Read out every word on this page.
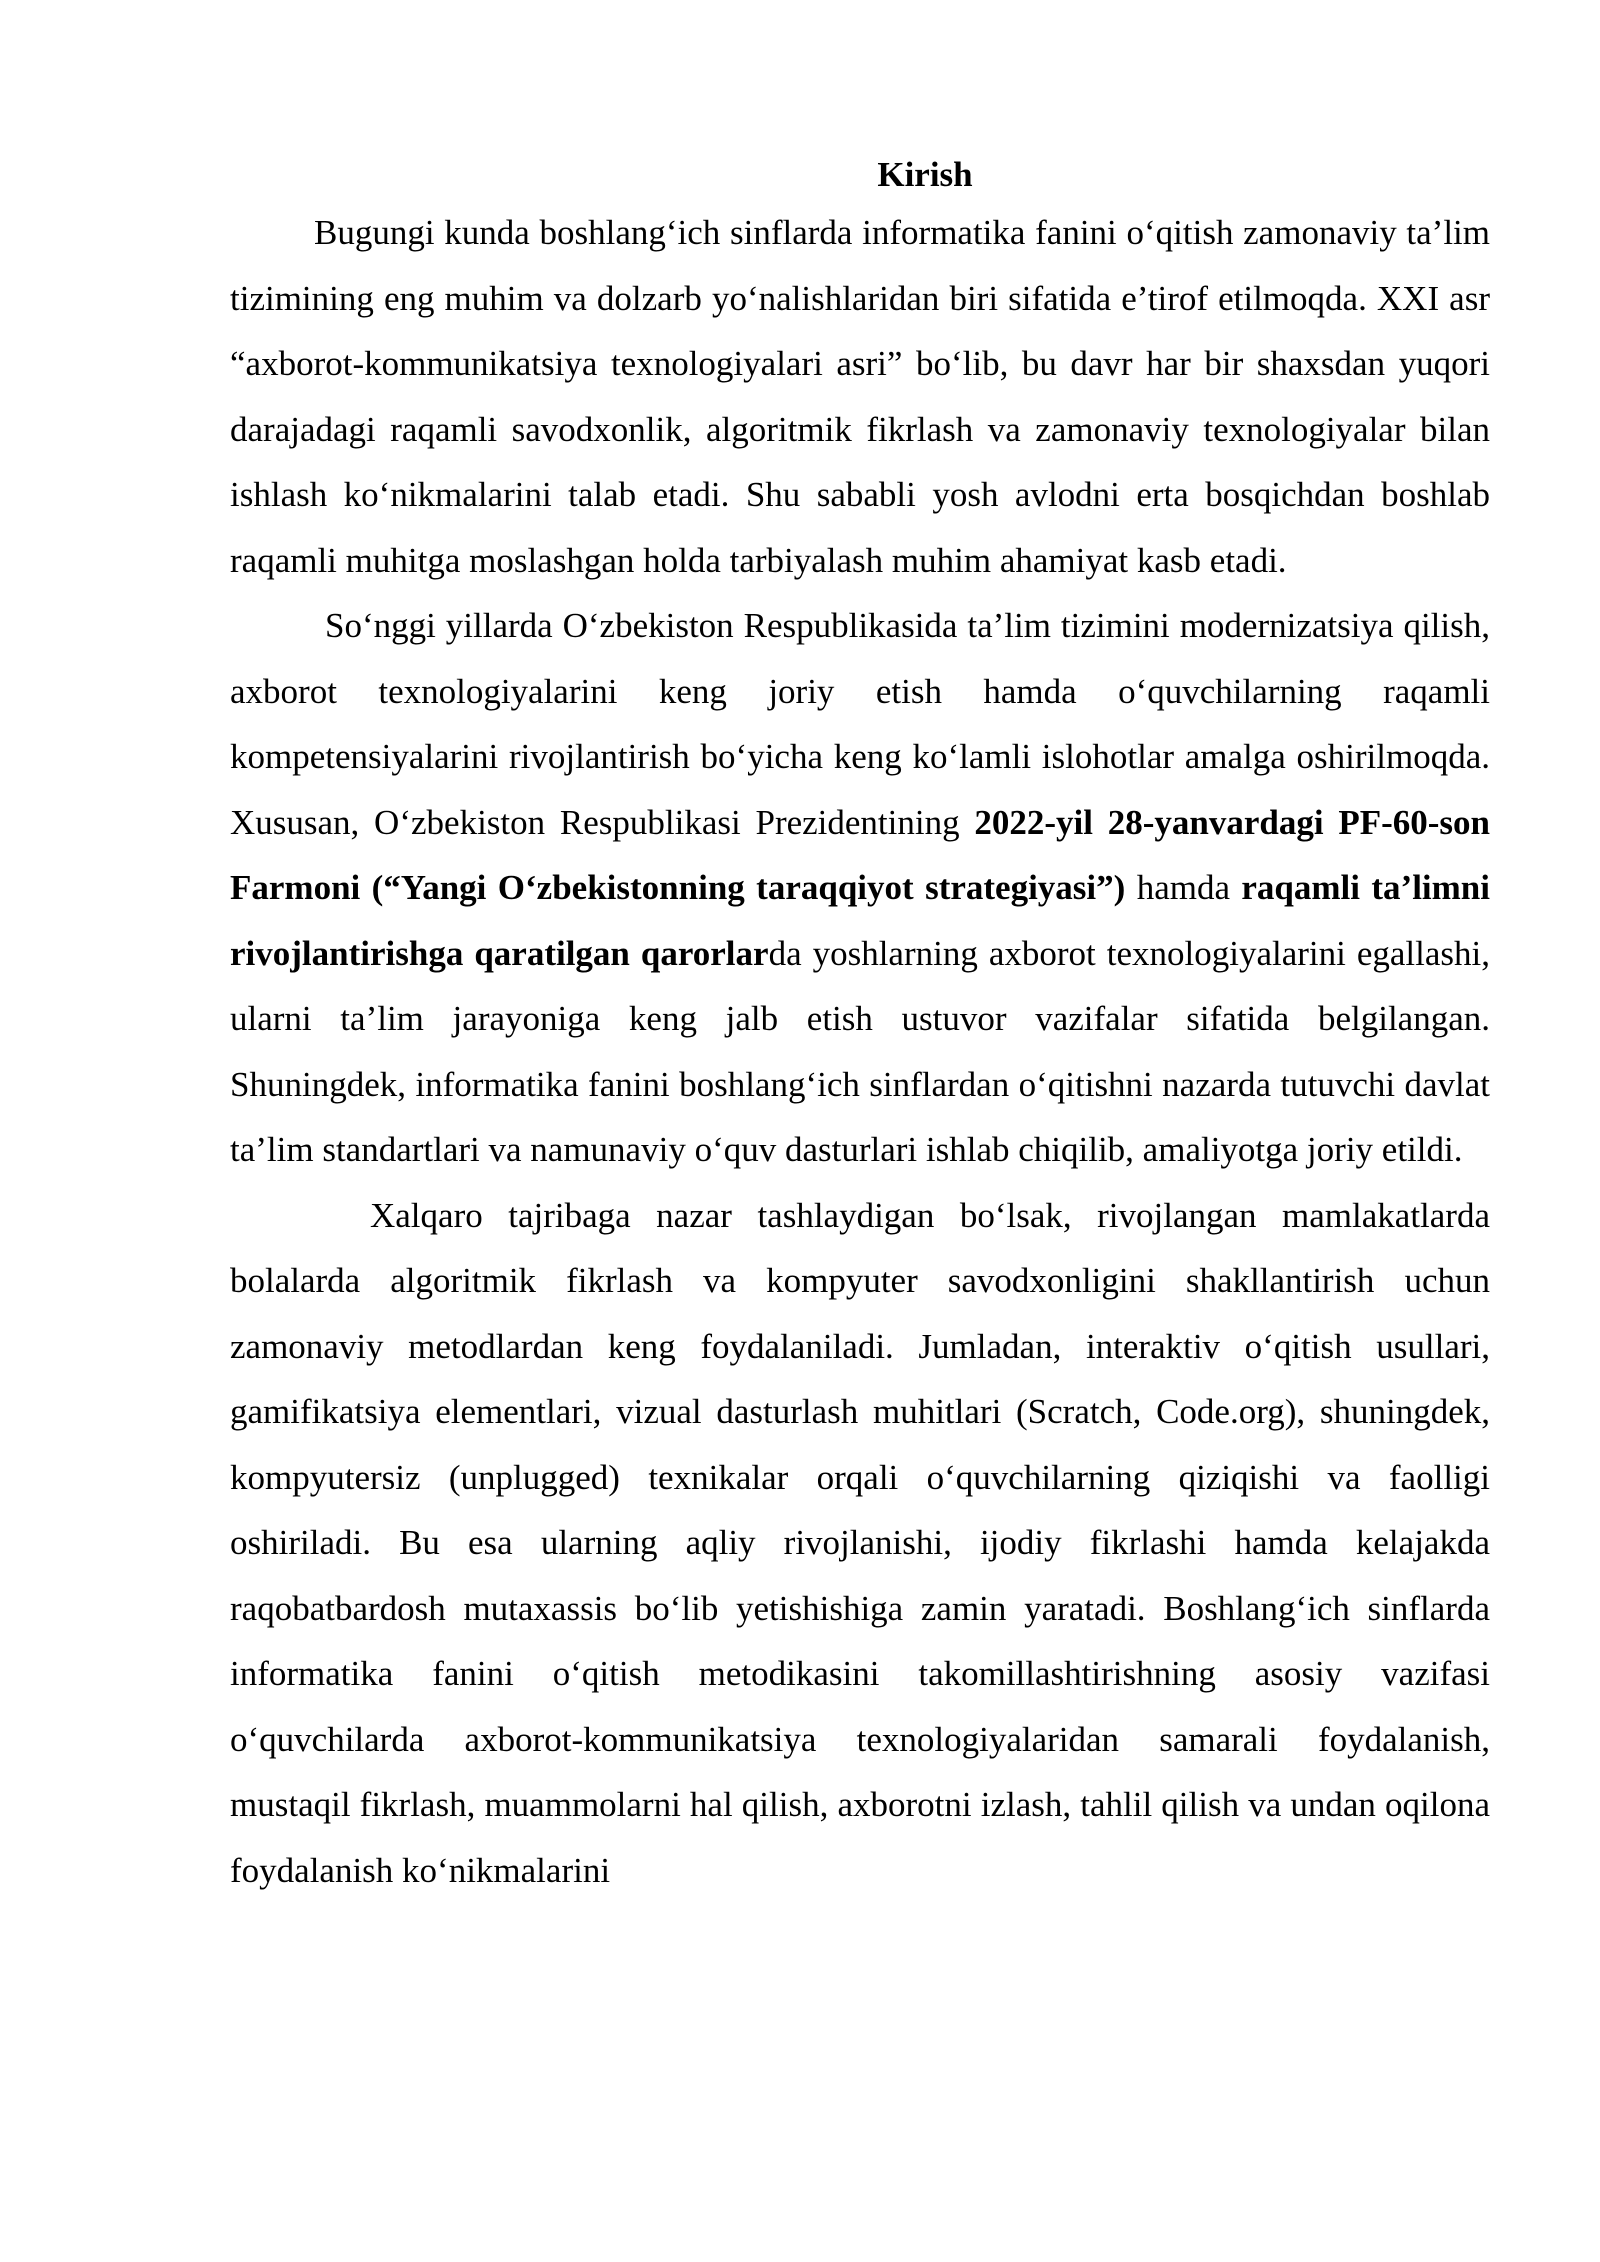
Kirish

Bugungi kunda boshlang‘ich sinflarda informatika fanini o‘qitish zamonaviy ta’lim tizimining eng muhim va dolzarb yo‘nalishlaridan biri sifatida e’tirof etilmoqda. XXI asr “axborot-kommunikatsiya texnologiyalari asri” bo‘lib, bu davr har bir shaxsdan yuqori darajadagi raqamli savodxonlik, algoritmik fikrlash va zamonaviy texnologiyalar bilan ishlash ko‘nikmalarini talab etadi. Shu sababli yosh avlodni erta bosqichdan boshlab raqamli muhitga moslashgan holda tarbiyalash muhim ahamiyat kasb etadi.

So‘nggi yillarda O‘zbekiston Respublikasida ta’lim tizimini modernizatsiya qilish, axborot texnologiyalarini keng joriy etish hamda o‘quvchilarning raqamli kompetensiyalarini rivojlantirish bo‘yicha keng ko‘lamli islohotlar amalga oshirilmoqda. Xususan, O‘zbekiston Respublikasi Prezidentining 2022-yil 28-yanvardagi PF-60-son Farmoni (“Yangi O‘zbekistonning taraqqiyot strategiyasi”) hamda raqamli ta’limni rivojlantirishga qaratilgan qarorlarda yoshlarning axborot texnologiyalarini egallashi, ularni ta’lim jarayoniga keng jalb etish ustuvor vazifalar sifatida belgilangan. Shuningdek, informatika fanini boshlang‘ich sinflardan o‘qitishni nazarda tutuvchi davlat ta’lim standartlari va namunaviy o‘quv dasturlari ishlab chiqilib, amaliyotga joriy etildi.

Xalqaro tajribaga nazar tashlaydigan bo‘lsak, rivojlangan mamlakatlarda bolalarda algoritmik fikrlash va kompyuter savodxonligini shakllantirish uchun zamonaviy metodlardan keng foydalaniladi. Jumladan, interaktiv o‘qitish usullari, gamifikatsiya elementlari, vizual dasturlash muhitlari (Scratch, Code.org), shuningdek, kompyutersiz (unplugged) texnikalar orqali o‘quvchilarning qiziqishi va faolligi oshiriladi. Bu esa ularning aqliy rivojlanishi, ijodiy fikrlashi hamda kelajakda raqobatbardosh mutaxassis bo‘lib yetishishiga zamin yaratadi. Boshlang‘ich sinflarda informatika fanini o‘qitish metodikasini takomillashtirishning asosiy vazifasi o‘quvchilarda axborot-kommunikatsiya texnologiyalaridan samarali foydalanish, mustaqil fikrlash, muammolarni hal qilish, axborotni izlash, tahlil qilish va undan oqilona foydalanish ko‘nikmalarini
